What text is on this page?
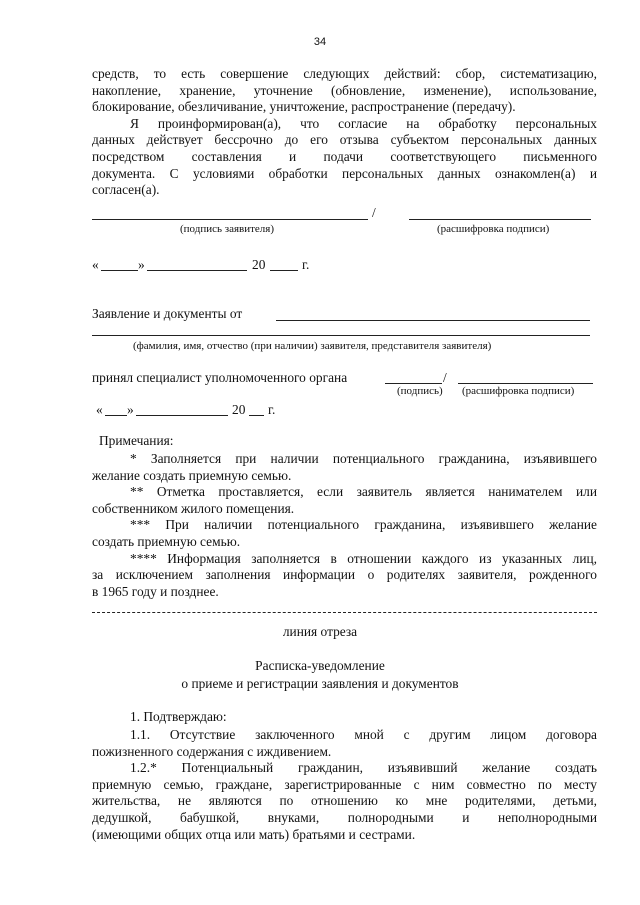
34

средств, то есть совершение следующих действий: сбор, систематизацию,

накопление, хранение, уточнение (обновление, изменение), использование,

блокирование, обезличивание, уничтожение, распространение (передачу).

Я проинформирован(а), что согласие на обработку персональных

данных действует бессрочно до его отзыва субъектом персональных данных

посредством составления и подачи соответствующего письменного

документа. С условиями обработки персональных данных ознакомлен(а) и

согласен(а).

/
(подпись заявителя)	(расшифровка подписи)
«	»	20	г.
Заявление и документы от
(фамилия, имя, отчество (при наличии) заявителя, представителя заявителя)
принял специалист уполномоченного органа	/
(подпись) (расшифровка подписи)
« »	20 г.
Примечания:

* Заполняется при наличии потенциального гражданина, изъявившего

желание создать приемную семью.

** Отметка проставляется, если заявитель является нанимателем или

собственником жилого помещения.

*** При наличии потенциального гражданина, изъявившего желание

создать приемную семью.

**** Информация заполняется в отношении каждого из указанных лиц,

за исключением заполнения информации о родителях заявителя, рожденного

в 1965 году и позднее.

линия отреза
Расписка-уведомление
о приеме и регистрации заявления и документов
1. Подтверждаю:

1.1. Отсутствие заключенного мной с другим лицом договора

пожизненного содержания с иждивением.

1.2.* Потенциальный гражданин, изъявивший желание создать

приемную семью, граждане, зарегистрированные с ним совместно по месту

жительства, не являются по отношению ко мне родителями, детьми,

дедушкой, бабушкой, внуками, полнородными и неполнородными

(имеющими общих отца или мать) братьями и сестрами.
